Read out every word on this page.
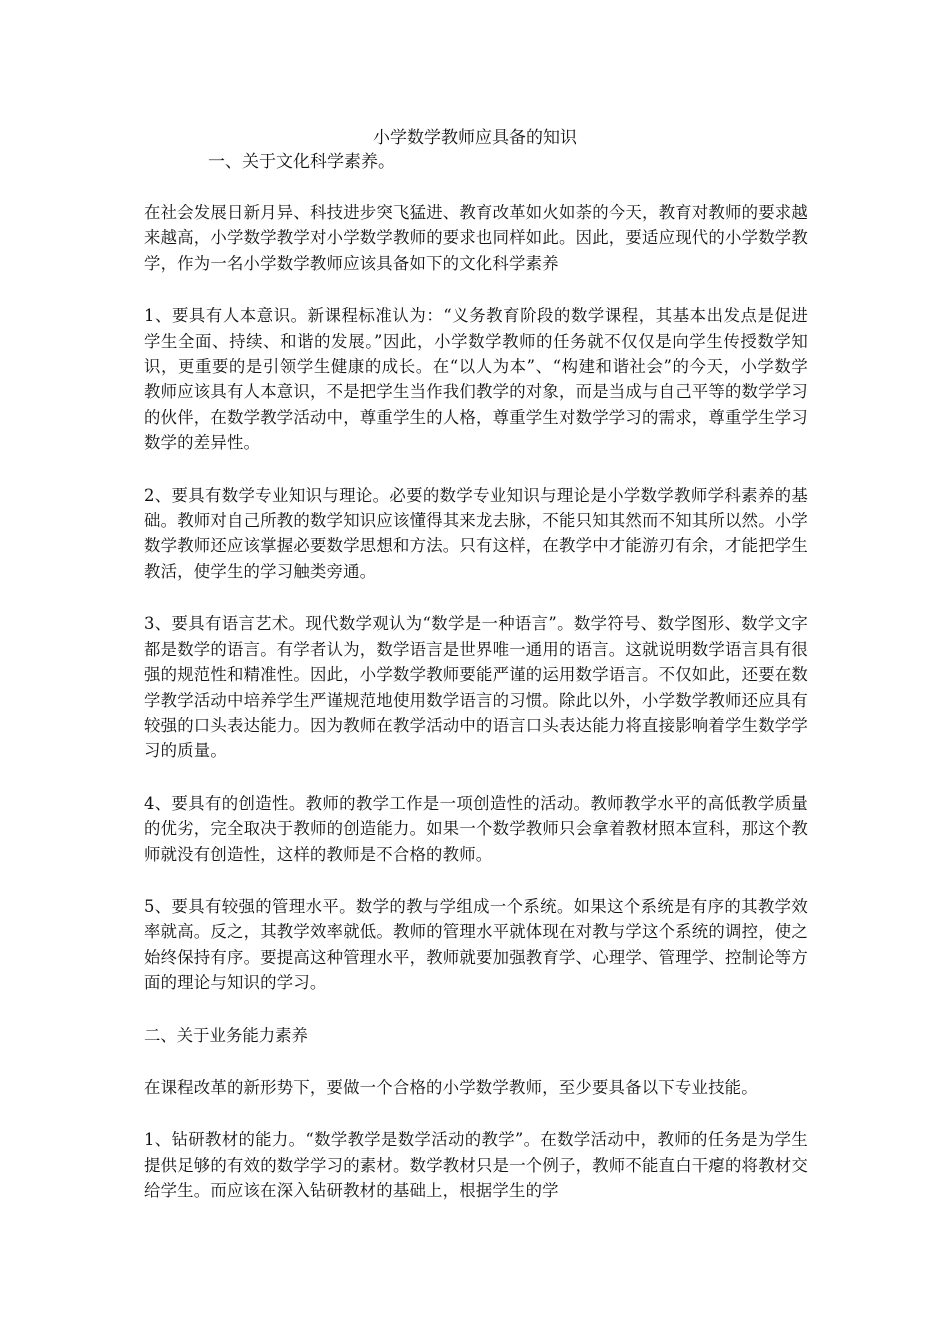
小学数学教师应具备的知识
一、关于文化科学素养。

在社会发展日新月异、科技进步突飞猛进、教育改革如火如荼的今天，教育对教师的要求越来越高，小学数学教学对小学数学教师的要求也同样如此。因此，要适应现代的小学数学教学，作为一名小学数学教师应该具备如下的文化科学素养

1、要具有人本意识。新课程标准认为：“义务教育阶段的数学课程，其基本出发点是促进学生全面、持续、和谐的发展。”因此，小学数学教师的任务就不仅仅是向学生传授数学知识，更重要的是引领学生健康的成长。在“以人为本”、“构建和谐社会”的今天，小学数学教师应该具有人本意识，不是把学生当作我们教学的对象，而是当成与自己平等的数学学习的伙伴，在数学教学活动中，尊重学生的人格，尊重学生对数学学习的需求，尊重学生学习数学的差异性。

2、要具有数学专业知识与理论。必要的数学专业知识与理论是小学数学教师学科素养的基础。教师对自己所教的数学知识应该懂得其来龙去脉，不能只知其然而不知其所以然。小学数学教师还应该掌握必要数学思想和方法。只有这样，在教学中才能游刃有余，才能把学生教活，使学生的学习触类旁通。

3、要具有语言艺术。现代数学观认为“数学是一种语言”。数学符号、数学图形、数学文字都是数学的语言。有学者认为，数学语言是世界唯一通用的语言。这就说明数学语言具有很强的规范性和精准性。因此，小学数学教师要能严谨的运用数学语言。不仅如此，还要在数学教学活动中培养学生严谨规范地使用数学语言的习惯。除此以外，小学数学教师还应具有较强的口头表达能力。因为教师在教学活动中的语言口头表达能力将直接影响着学生数学学习的质量。

4、要具有的创造性。教师的教学工作是一项创造性的活动。教师教学水平的高低教学质量的优劣，完全取决于教师的创造能力。如果一个数学教师只会拿着教材照本宣科，那这个教师就没有创造性，这样的教师是不合格的教师。

5、要具有较强的管理水平。数学的教与学组成一个系统。如果这个系统是有序的其教学效率就高。反之，其教学效率就低。教师的管理水平就体现在对教与学这个系统的调控，使之始终保持有序。要提高这种管理水平，教师就要加强教育学、心理学、管理学、控制论等方面的理论与知识的学习。

二、关于业务能力素养

在课程改革的新形势下，要做一个合格的小学数学教师，至少要具备以下专业技能。

1、钻研教材的能力。“数学教学是数学活动的教学”。在数学活动中，教师的任务是为学生提供足够的有效的数学学习的素材。数学教材只是一个例子，教师不能直白干瘪的将教材交给学生。而应该在深入钻研教材的基础上，根据学生的学
